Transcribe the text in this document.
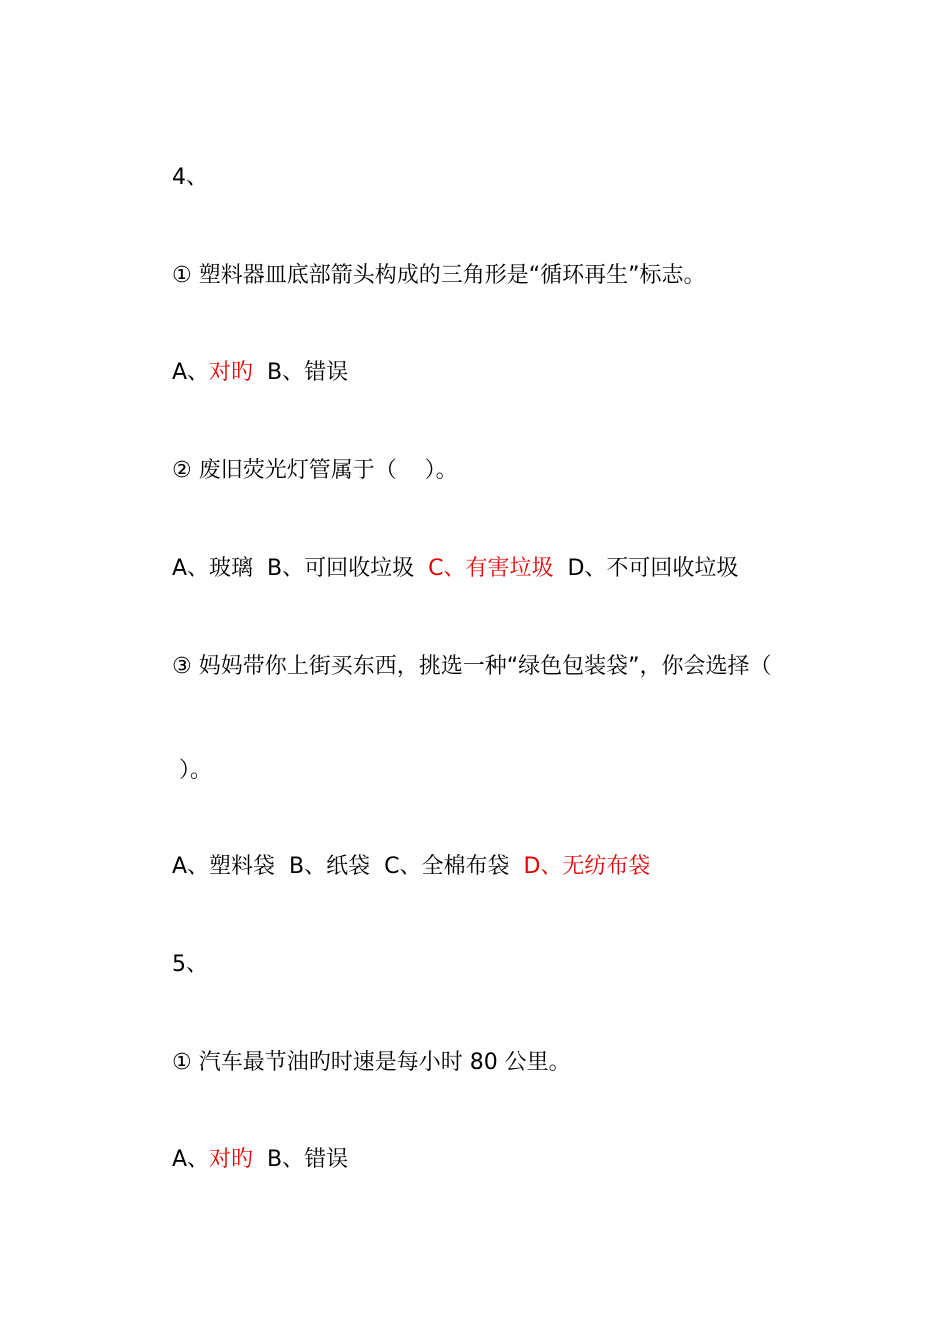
4、

① 塑料器皿底部箭头构成的三角形是“循环再生”标志。

A、对旳  B、错误

② 废旧荧光灯管属于（    ）。

A、玻璃  B、可回收垃圾  C、有害垃圾  D、不可回收垃圾

③ 妈妈带你上街买东西，挑选一种“绿色包装袋”，你会选择（

）。

A、塑料袋  B、纸袋  C、全棉布袋  D、无纺布袋

5、

① 汽车最节油旳时速是每小时 80 公里。

A、对旳  B、错误
